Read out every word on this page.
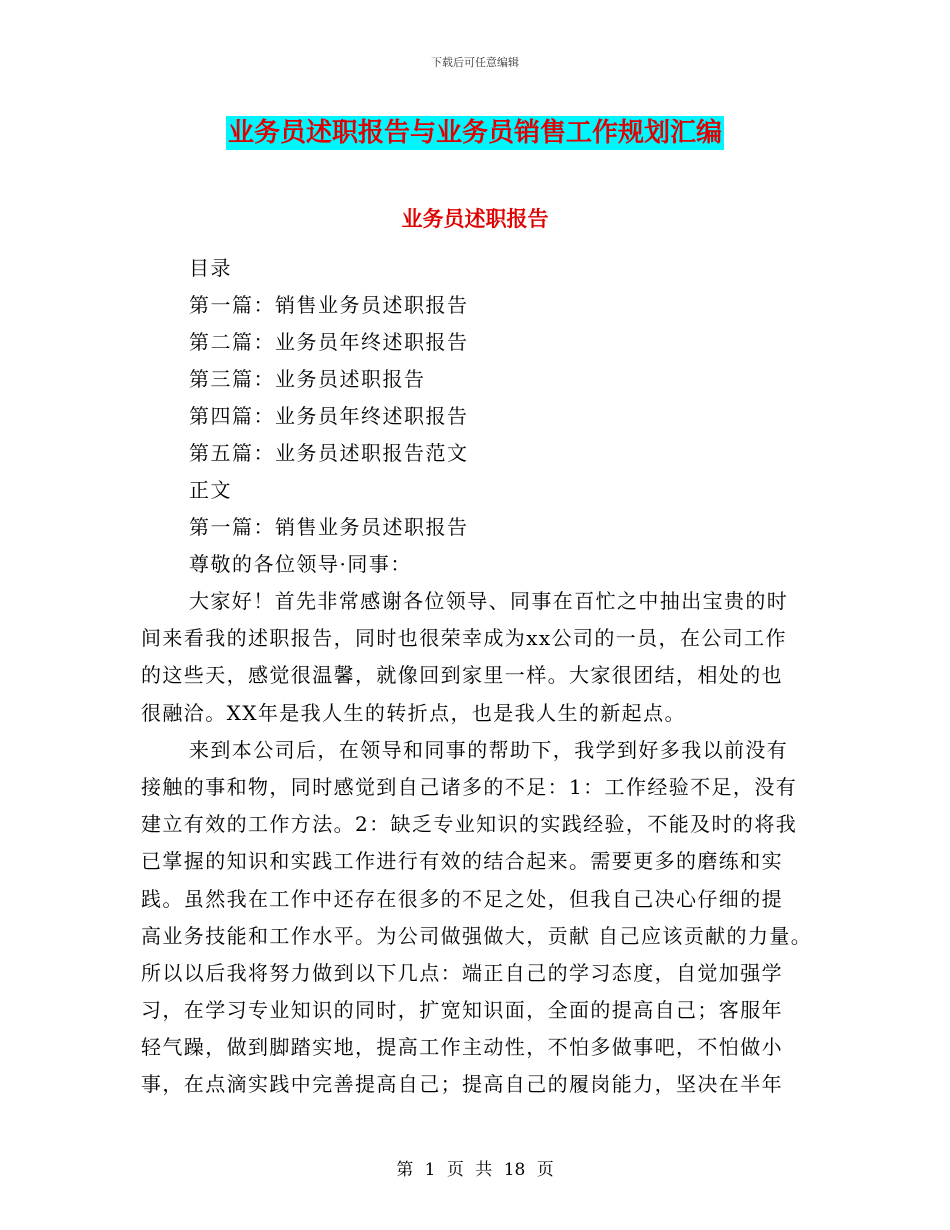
下载后可任意编辑
业务员述职报告与业务员销售工作规划汇编
业务员述职报告
目录
第一篇：销售业务员述职报告
第二篇：业务员年终述职报告
第三篇：业务员述职报告
第四篇：业务员年终述职报告
第五篇：业务员述职报告范文
正文
第一篇：销售业务员述职报告
尊敬的各位领导·同事：
大家好！首先非常感谢各位领导、同事在百忙之中抽出宝贵的时
间来看我的述职报告，同时也很荣幸成为xx公司的一员，在公司工作
的这些天，感觉很温馨，就像回到家里一样。大家很团结，相处的也
很融洽。XX年是我人生的转折点，也是我人生的新起点。
来到本公司后，在领导和同事的帮助下，我学到好多我以前没有
接触的事和物，同时感觉到自己诸多的不足：1：工作经验不足，没有
建立有效的工作方法。2：缺乏专业知识的实践经验，不能及时的将我
已掌握的知识和实践工作进行有效的结合起来。需要更多的磨练和实
践。虽然我在工作中还存在很多的不足之处，但我自己决心仔细的提
高业务技能和工作水平。为公司做强做大，贡献 自己应该贡献的力量。
所以以后我将努力做到以下几点：端正自己的学习态度，自觉加强学
习，在学习专业知识的同时，扩宽知识面，全面的提高自己；客服年
轻气躁，做到脚踏实地，提高工作主动性，不怕多做事吧，不怕做小
事，在点滴实践中完善提高自己；提高自己的履岗能力，坚决在半年
第 1 页 共 18 页
